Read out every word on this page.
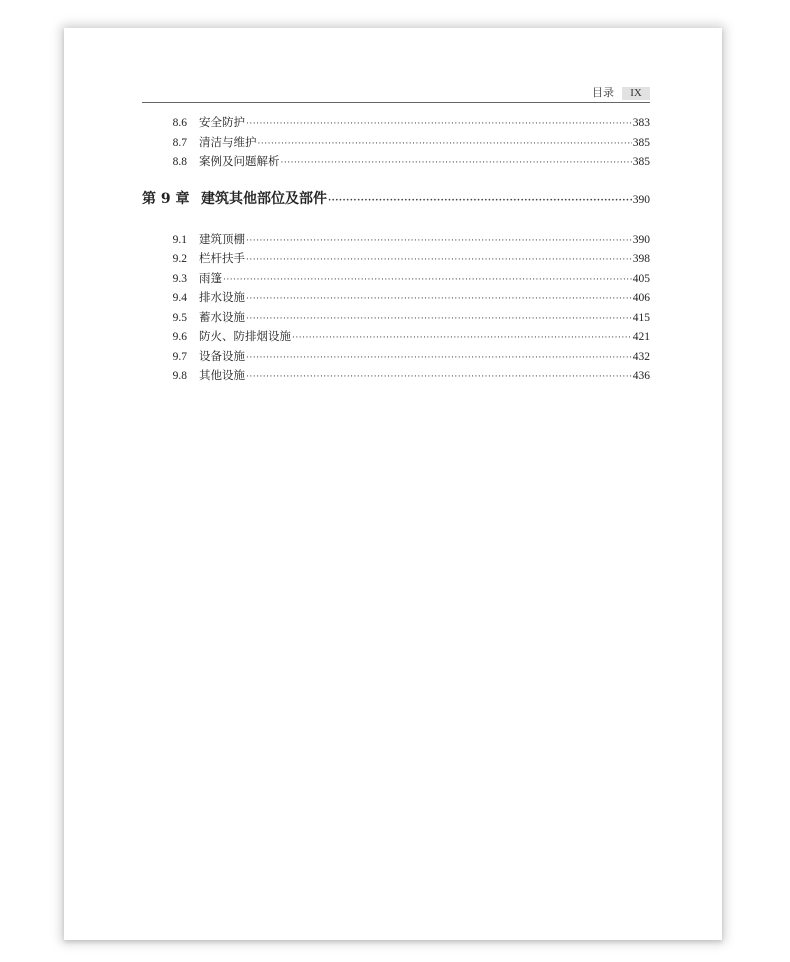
目录	IX
8.6	安全防护 ·····	383
8.7	清洁与维护 ·····	385
8.8	案例及问题解析 ·····	385
第 9 章 建筑其他部位及部件 ·····	390
9.1	建筑顶棚 ·····	390
9.2	栏杆扶手 ·····	398
9.3	雨篷 ·····	405
9.4	排水设施 ·····	406
9.5	蓄水设施 ·····	415
9.6	防火、防排烟设施 ·····	421
9.7	设备设施 ·····	432
9.8	其他设施 ·····	436
